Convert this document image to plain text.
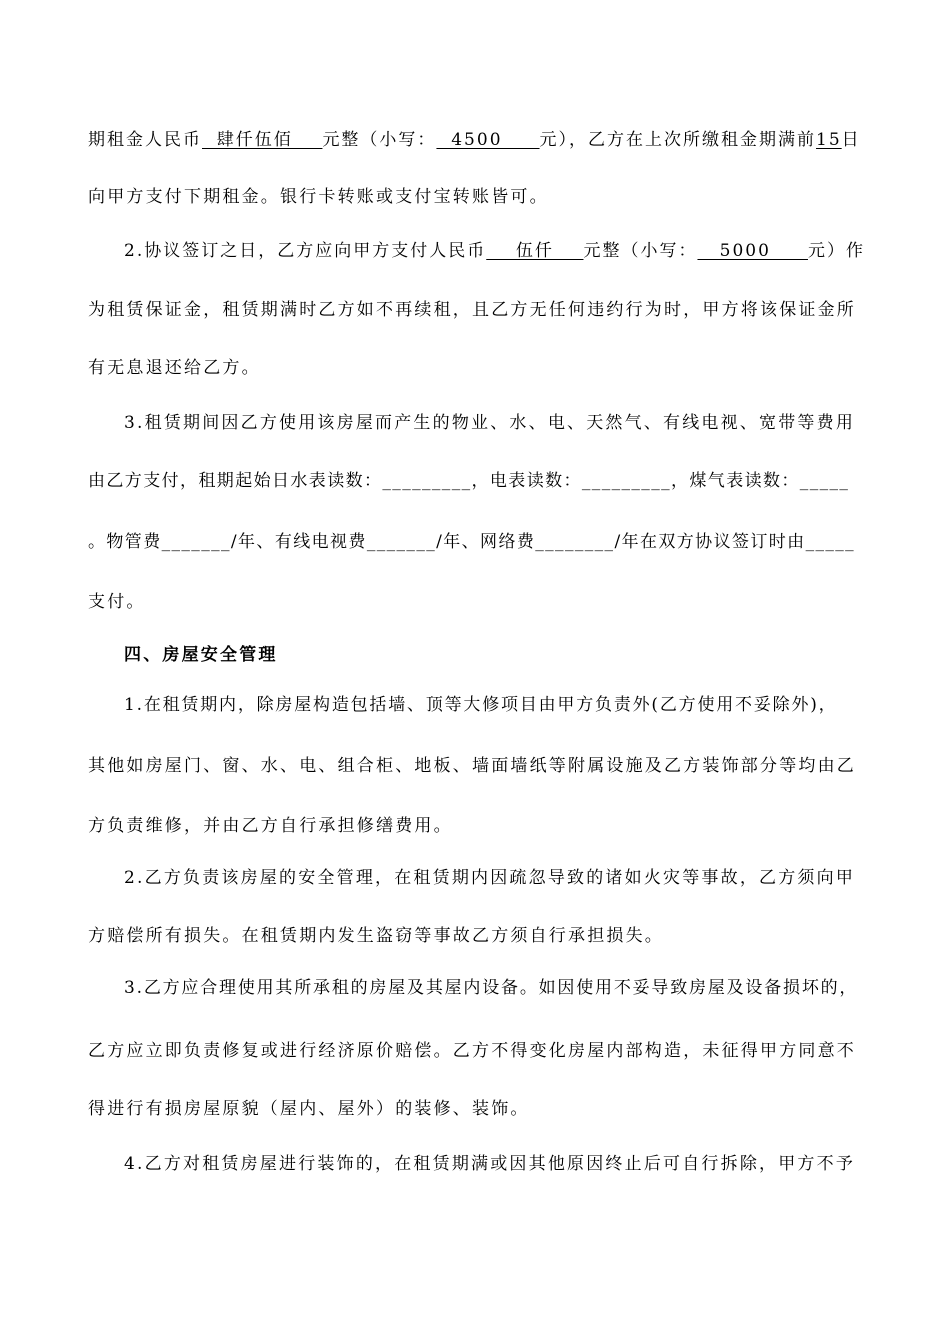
期租金人民币  肆仟伍佰    元整（小写：  4500     元），乙方在上次所缴租金期满前15日
向甲方支付下期租金。银行卡转账或支付宝转账皆可。
2.协议签订之日，乙方应向甲方支付人民币    伍仟    元整（小写：   5000     元）作
为租赁保证金，租赁期满时乙方如不再续租，且乙方无任何违约行为时，甲方将该保证金所
有无息退还给乙方。
3.租赁期间因乙方使用该房屋而产生的物业、水、电、天然气、有线电视、宽带等费用
由乙方支付，租期起始日水表读数：_________，电表读数：_________，煤气表读数：_____
。物管费_______/年、有线电视费_______/年、网络费________/年在双方协议签订时由_____
支付。
四、房屋安全管理
1.在租赁期内，除房屋构造包括墙、顶等大修项目由甲方负责外(乙方使用不妥除外)，
其他如房屋门、窗、水、电、组合柜、地板、墙面墙纸等附属设施及乙方装饰部分等均由乙
方负责维修，并由乙方自行承担修缮费用。
2.乙方负责该房屋的安全管理，在租赁期内因疏忽导致的诸如火灾等事故，乙方须向甲
方赔偿所有损失。在租赁期内发生盗窃等事故乙方须自行承担损失。
3.乙方应合理使用其所承租的房屋及其屋内设备。如因使用不妥导致房屋及设备损坏的，
乙方应立即负责修复或进行经济原价赔偿。乙方不得变化房屋内部构造，未征得甲方同意不
得进行有损房屋原貌（屋内、屋外）的装修、装饰。
4.乙方对租赁房屋进行装饰的，在租赁期满或因其他原因终止后可自行拆除，甲方不予
